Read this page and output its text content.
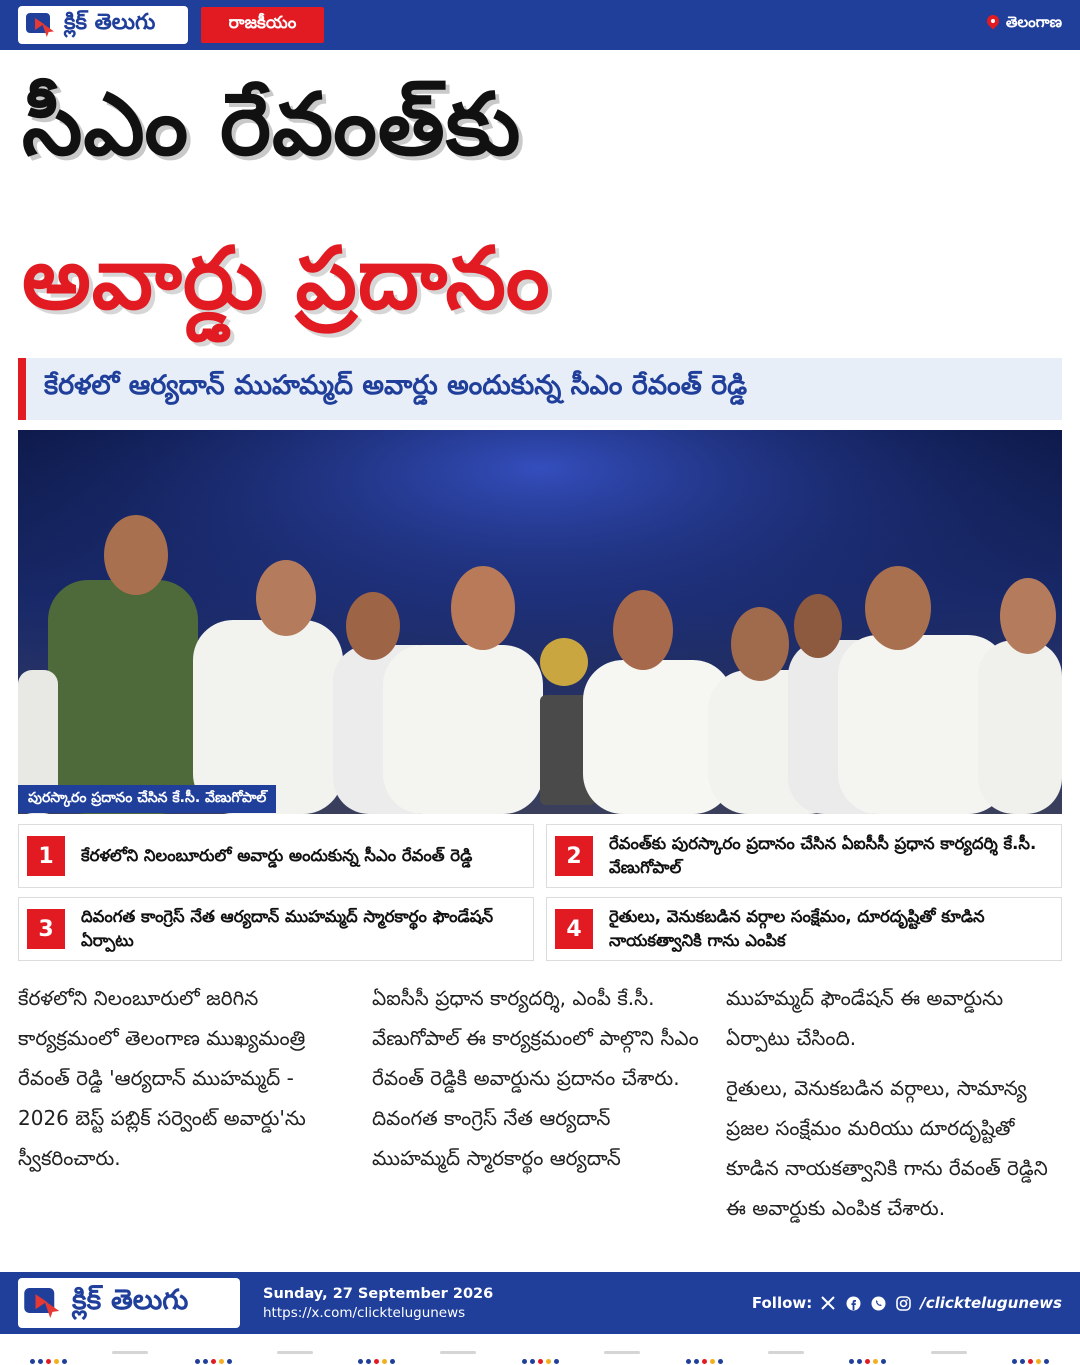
క్లిక్ తెలుగు	రాజకీయం	తెలంగాణ
సీఎం రేవంత్‌కు
అవార్డు ప్రదానం
కేరళలో ఆర్యదాన్ ముహమ్మద్ అవార్డు అందుకున్న సీఎం రేవంత్ రెడ్డి
పురస్కారం ప్రదానం చేసిన కే.సీ. వేణుగోపాల్
1	కేరళలోని నిలంబూరులో అవార్డు అందుకున్న సీఎం రేవంత్ రెడ్డి	2	రేవంత్‌కు పురస్కారం ప్రదానం చేసిన ఏఐసీసీ ప్రధాన కార్యదర్శి కే.సీ. వేణుగోపాల్
3	దివంగత కాంగ్రెస్ నేత ఆర్యదాన్ ముహమ్మద్ స్మారకార్థం ఫౌండేషన్ ఏర్పాటు	4	రైతులు, వెనుకబడిన వర్గాల సంక్షేమం, దూరదృష్టితో కూడిన నాయకత్వానికి గాను ఎంపిక

కేరళలోని నిలంబూరులో జరిగిన కార్యక్రమంలో తెలంగాణ ముఖ్యమంత్రి రేవంత్ రెడ్డి 'ఆర్యదాన్ ముహమ్మద్ - 2026 బెస్ట్ పబ్లిక్ సర్వెంట్ అవార్డు'ను స్వీకరించారు.

ఏఐసీసీ ప్రధాన కార్యదర్శి, ఎంపీ కే.సీ. వేణుగోపాల్ ఈ కార్యక్రమంలో పాల్గొని సీఎం రేవంత్ రెడ్డికి అవార్డును ప్రదానం చేశారు. దివంగత కాంగ్రెస్ నేత ఆర్యదాన్ ముహమ్మద్ స్మారకార్థం ఆర్యదాన్

ముహమ్మద్ ఫౌండేషన్ ఈ అవార్డును ఏర్పాటు చేసింది.

రైతులు, వెనుకబడిన వర్గాలు, సామాన్య ప్రజల సంక్షేమం మరియు దూరదృష్టితో కూడిన నాయకత్వానికి గాను రేవంత్ రెడ్డిని ఈ అవార్డుకు ఎంపిక చేశారు.

క్లిక్ తెలుగు	Sunday, 27 September 2026
https://x.com/clicktelugunews
Follow:	/clicktelugunews
